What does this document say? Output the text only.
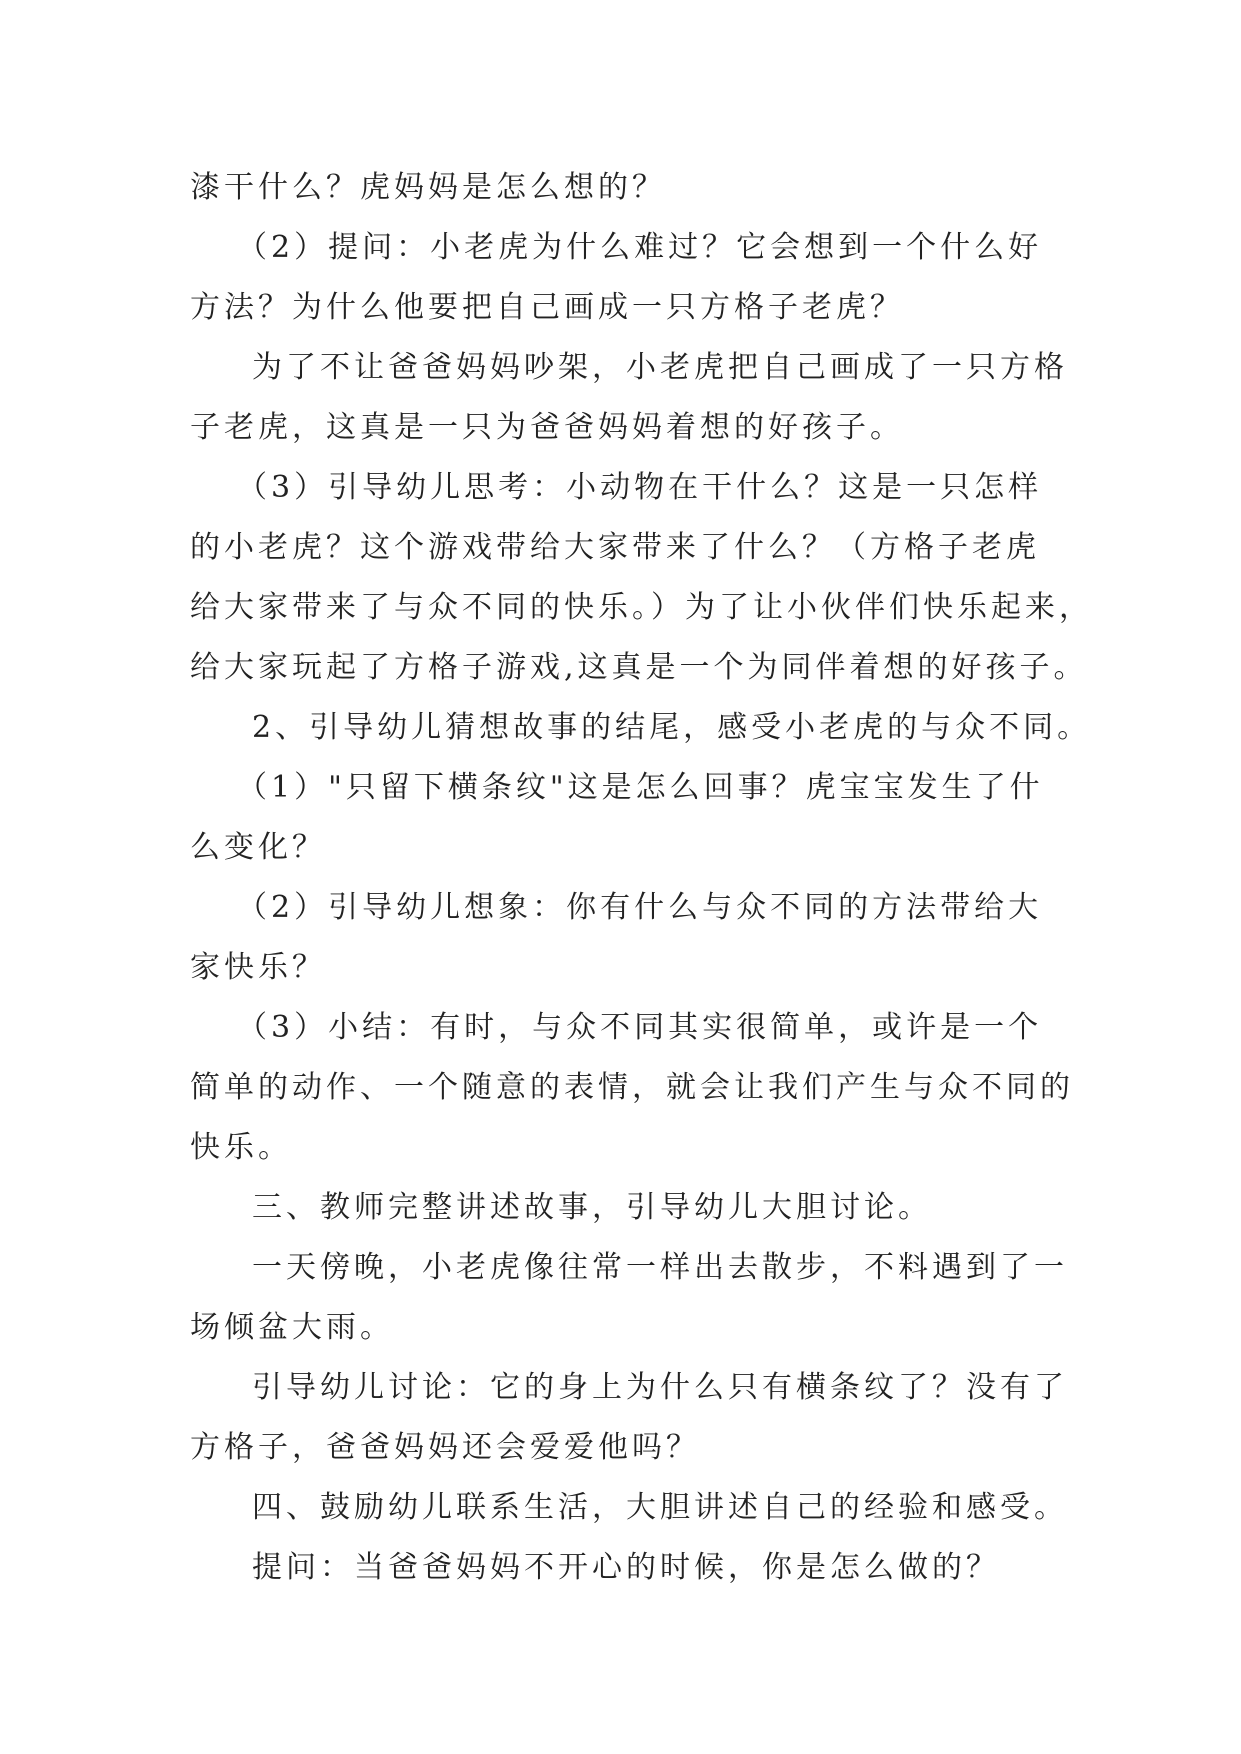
漆干什么？虎妈妈是怎么想的？
（2）提问：小老虎为什么难过？它会想到一个什么好
方法？为什么他要把自己画成一只方格子老虎？
为了不让爸爸妈妈吵架，小老虎把自己画成了一只方格
子老虎，这真是一只为爸爸妈妈着想的好孩子。
（3）引导幼儿思考：小动物在干什么？这是一只怎样
的小老虎？这个游戏带给大家带来了什么？（方格子老虎
给大家带来了与众不同的快乐。）为了让小伙伴们快乐起来，
给大家玩起了方格子游戏,这真是一个为同伴着想的好孩子。
2、引导幼儿猜想故事的结尾，感受小老虎的与众不同。
（1）"只留下横条纹"这是怎么回事？虎宝宝发生了什
么变化？
（2）引导幼儿想象：你有什么与众不同的方法带给大
家快乐？
（3）小结：有时，与众不同其实很简单，或许是一个
简单的动作、一个随意的表情，就会让我们产生与众不同的
快乐。
三、教师完整讲述故事，引导幼儿大胆讨论。
一天傍晚，小老虎像往常一样出去散步，不料遇到了一
场倾盆大雨。
引导幼儿讨论：它的身上为什么只有横条纹了？没有了
方格子，爸爸妈妈还会爱爱他吗？
四、鼓励幼儿联系生活，大胆讲述自己的经验和感受。
提问：当爸爸妈妈不开心的时候，你是怎么做的？
